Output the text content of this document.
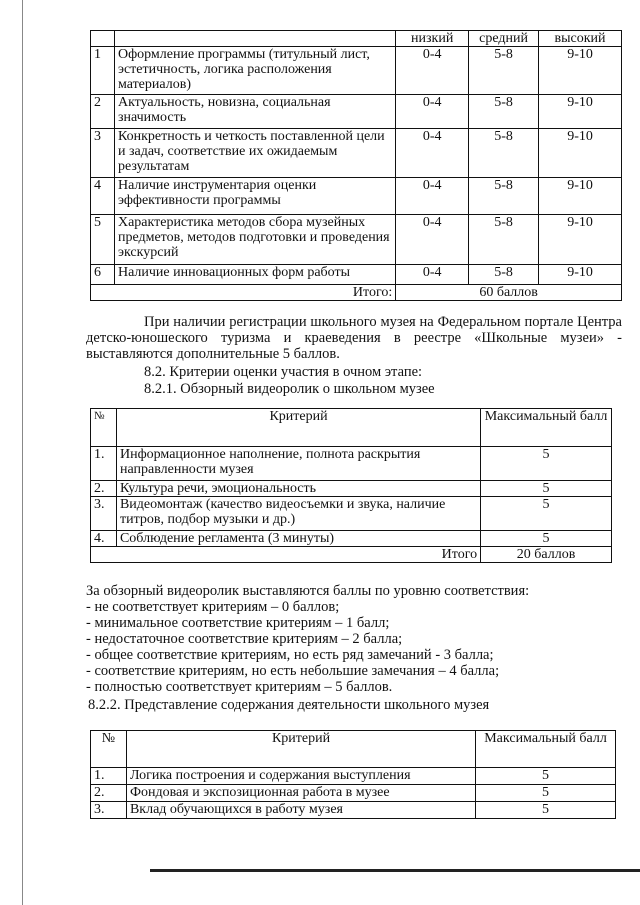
		низкий	средний	высокий
1	Оформление программы (титульный лист, эстетичность, логика расположения материалов)	0-4	5-8	9-10
2	Актуальность, новизна, социальная значимость	0-4	5-8	9-10
3	Конкретность и четкость поставленной цели и задач, соответствие их ожидаемым результатам	0-4	5-8	9-10
4	Наличие инструментария оценки эффективности программы	0-4	5-8	9-10
5	Характеристика методов сбора музейных предметов, методов подготовки и проведения экскурсий	0-4	5-8	9-10
6	Наличие инновационных форм работы	0-4	5-8	9-10
Итого:		60 баллов		
При наличии регистрации школьного музея на Федеральном портале Центра детско-юношеского туризма и краеведения в реестре «Школьные музеи» - выставляются дополнительные 5 баллов.
8.2. Критерии оценки участия в очном этапе:
8.2.1. Обзорный видеоролик о школьном музее
№	Критерий	Максимальный балл
1.	Информационное наполнение, полнота раскрытия направленности музея	5
2.	Культура речи, эмоциональность	5
3.	Видеомонтаж (качество видеосъемки и звука, наличие титров, подбор музыки и др.)	5
4.	Соблюдение регламента (3 минуты)	5
Итого		20 баллов
За обзорный видеоролик выставляются баллы по уровню соответствия:
- не соответствует критериям – 0 баллов;
- минимальное соответствие критериям – 1 балл;
- недостаточное соответствие критериям – 2 балла;
- общее соответствие критериям, но есть ряд замечаний - 3 балла;
- соответствие критериям, но есть небольшие замечания – 4 балла;
- полностью соответствует критериям – 5 баллов.
8.2.2. Представление содержания деятельности школьного музея
№	Критерий	Максимальный балл
1.	Логика построения и содержания выступления	5
2.	Фондовая и экспозиционная работа в музее	5
3.	Вклад обучающихся в работу музея	5
